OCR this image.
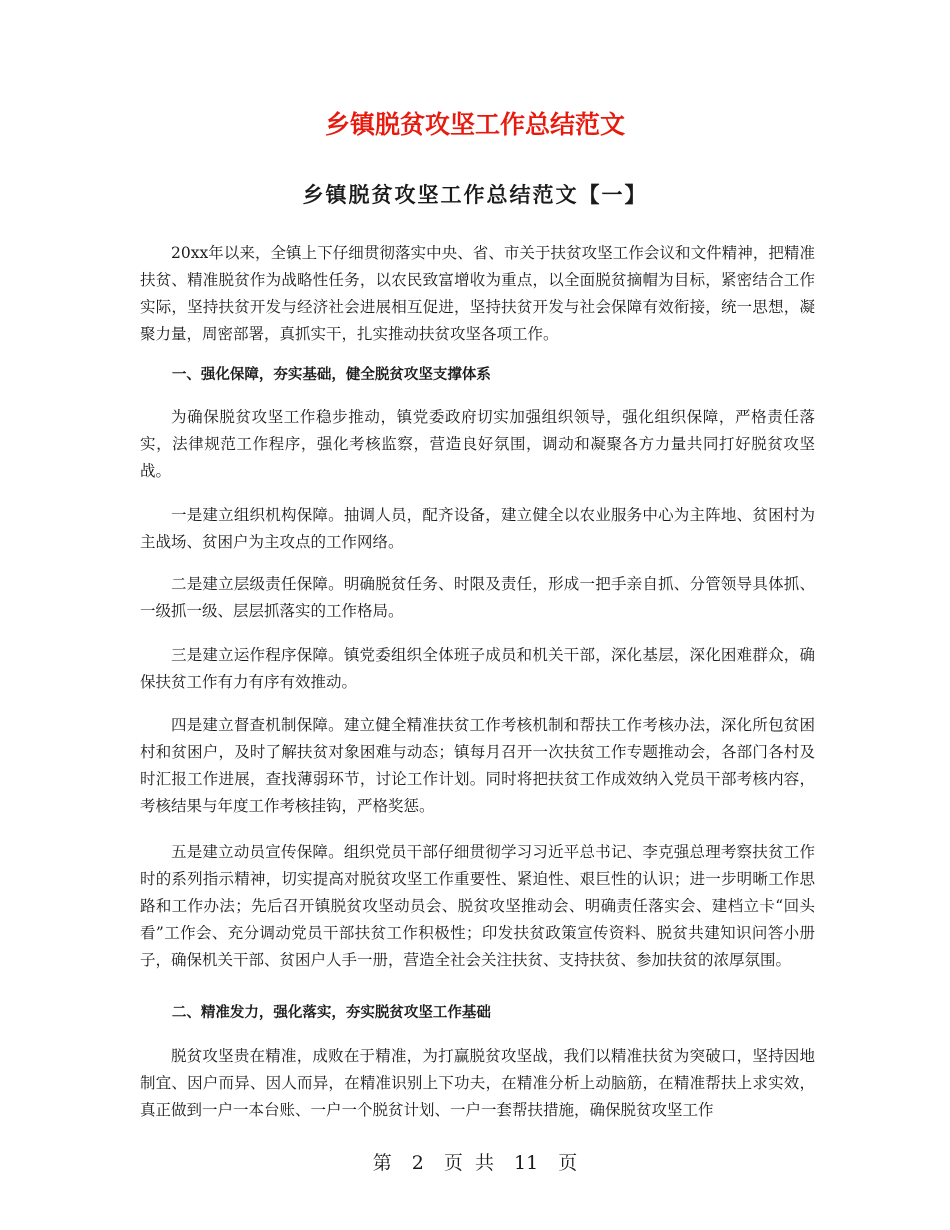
乡镇脱贫攻坚工作总结范文
乡镇脱贫攻坚工作总结范文【一】

20xx年以来，全镇上下仔细贯彻落实中央、省、市关于扶贫攻坚工作会议和文件精神，把精准扶贫、精准脱贫作为战略性任务，以农民致富增收为重点，以全面脱贫摘帽为目标，紧密结合工作实际，坚持扶贫开发与经济社会进展相互促进，坚持扶贫开发与社会保障有效衔接，统一思想，凝聚力量，周密部署，真抓实干，扎实推动扶贫攻坚各项工作。

一、强化保障，夯实基础，健全脱贫攻坚支撑体系

为确保脱贫攻坚工作稳步推动，镇党委政府切实加强组织领导，强化组织保障，严格责任落实，法律规范工作程序，强化考核监察，营造良好氛围，调动和凝聚各方力量共同打好脱贫攻坚战。

一是建立组织机构保障。抽调人员，配齐设备，建立健全以农业服务中心为主阵地、贫困村为主战场、贫困户为主攻点的工作网络。

二是建立层级责任保障。明确脱贫任务、时限及责任，形成一把手亲自抓、分管领导具体抓、一级抓一级、层层抓落实的工作格局。

三是建立运作程序保障。镇党委组织全体班子成员和机关干部，深化基层，深化困难群众，确保扶贫工作有力有序有效推动。

四是建立督查机制保障。建立健全精准扶贫工作考核机制和帮扶工作考核办法，深化所包贫困村和贫困户，及时了解扶贫对象困难与动态；镇每月召开一次扶贫工作专题推动会，各部门各村及时汇报工作进展，查找薄弱环节，讨论工作计划。同时将把扶贫工作成效纳入党员干部考核内容，考核结果与年度工作考核挂钩，严格奖惩。

五是建立动员宣传保障。组织党员干部仔细贯彻学习习近平总书记、李克强总理考察扶贫工作时的系列指示精神，切实提高对脱贫攻坚工作重要性、紧迫性、艰巨性的认识；进一步明晰工作思路和工作办法；先后召开镇脱贫攻坚动员会、脱贫攻坚推动会、明确责任落实会、建档立卡“回头看”工作会、充分调动党员干部扶贫工作积极性；印发扶贫政策宣传资料、脱贫共建知识问答小册子，确保机关干部、贫困户人手一册，营造全社会关注扶贫、支持扶贫、参加扶贫的浓厚氛围。

二、精准发力，强化落实，夯实脱贫攻坚工作基础

脱贫攻坚贵在精准，成败在于精准，为打赢脱贫攻坚战，我们以精准扶贫为突破口，坚持因地制宜、因户而异、因人而异，在精准识别上下功夫，在精准分析上动脑筋，在精准帮扶上求实效，真正做到一户一本台账、一户一个脱贫计划、一户一套帮扶措施，确保脱贫攻坚工作

第 2 页 共 11 页
